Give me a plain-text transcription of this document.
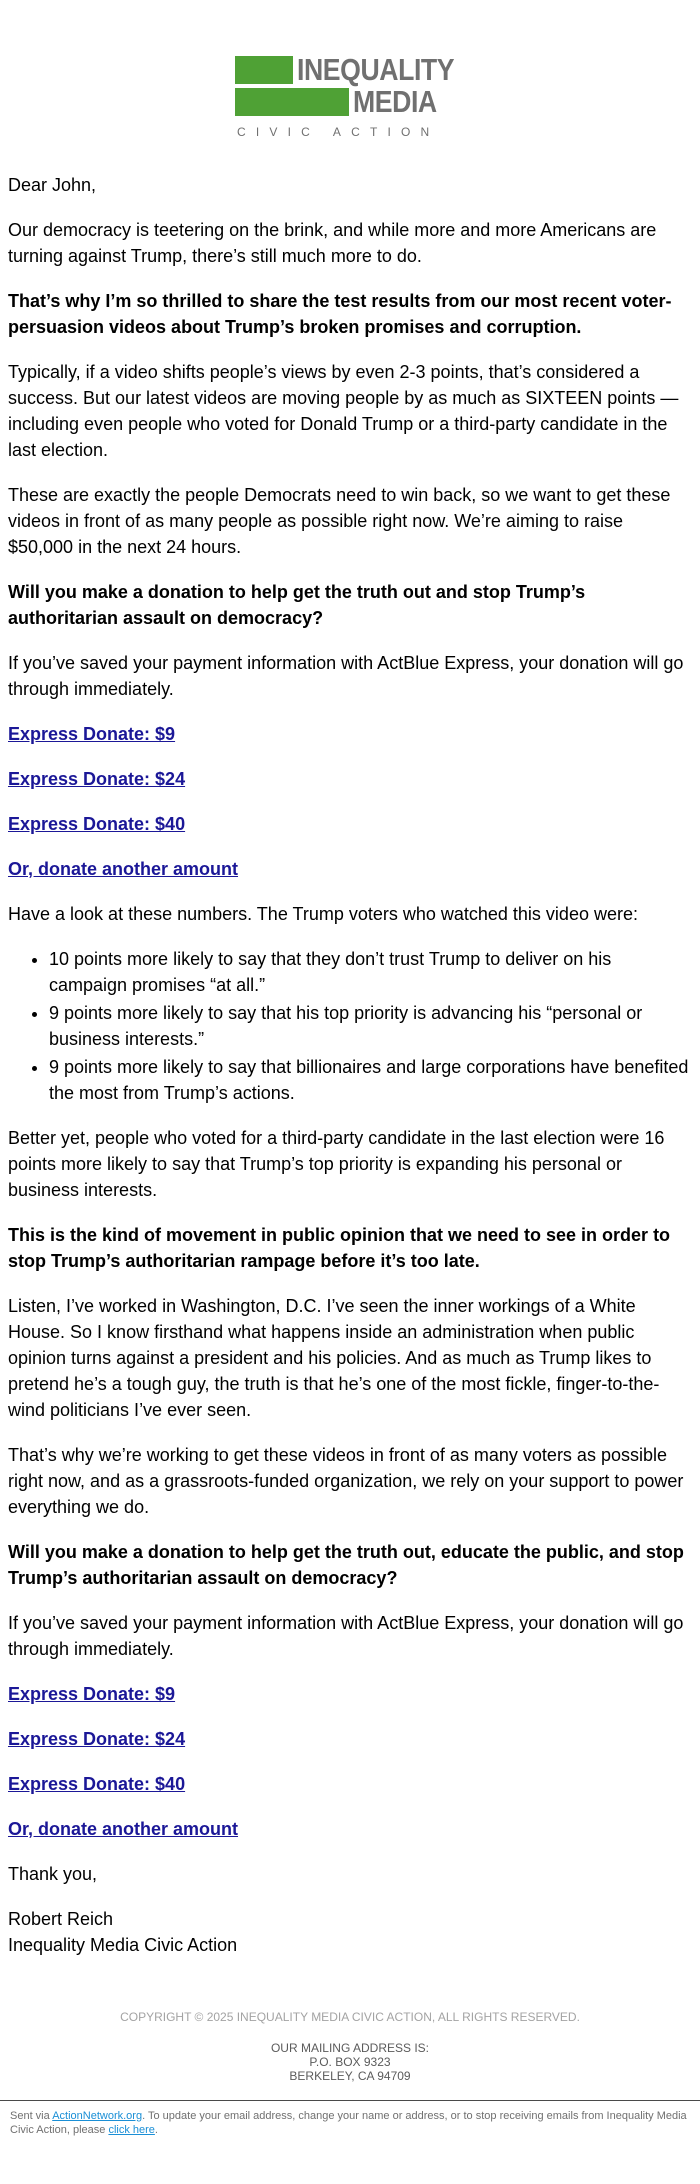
INEQUALITY
MEDIA
CIVIC ACTION

Dear John,

Our democracy is teetering on the brink, and while more and more Americans are turning against Trump, there’s still much more to do.

That’s why I’m so thrilled to share the test results from our most recent voter-persuasion videos about Trump’s broken promises and corruption.

Typically, if a video shifts people’s views by even 2-3 points, that’s considered a success. But our latest videos are moving people by as much as SIXTEEN points — including even people who voted for Donald Trump or a third-party candidate in the last election.

These are exactly the people Democrats need to win back, so we want to get these videos in front of as many people as possible right now. We’re aiming to raise $50,000 in the next 24 hours.

Will you make a donation to help get the truth out and stop Trump’s authoritarian assault on democracy?

If you’ve saved your payment information with ActBlue Express, your donation will go through immediately.

Express Donate: $9

Express Donate: $24

Express Donate: $40

Or, donate another amount

Have a look at these numbers. The Trump voters who watched this video were:

• 10 points more likely to say that they don’t trust Trump to deliver on his campaign promises “at all.”
• 9 points more likely to say that his top priority is advancing his “personal or business interests.”
• 9 points more likely to say that billionaires and large corporations have benefited the most from Trump’s actions.

Better yet, people who voted for a third-party candidate in the last election were 16 points more likely to say that Trump’s top priority is expanding his personal or business interests.

This is the kind of movement in public opinion that we need to see in order to stop Trump’s authoritarian rampage before it’s too late.

Listen, I’ve worked in Washington, D.C. I’ve seen the inner workings of a White House. So I know firsthand what happens inside an administration when public opinion turns against a president and his policies. And as much as Trump likes to pretend he’s a tough guy, the truth is that he’s one of the most fickle, finger-to-the-wind politicians I’ve ever seen.

That’s why we’re working to get these videos in front of as many voters as possible right now, and as a grassroots-funded organization, we rely on your support to power everything we do.

Will you make a donation to help get the truth out, educate the public, and stop Trump’s authoritarian assault on democracy?

If you’ve saved your payment information with ActBlue Express, your donation will go through immediately.

Express Donate: $9

Express Donate: $24

Express Donate: $40

Or, donate another amount

Thank you,

Robert Reich

Inequality Media Civic Action

COPYRIGHT © 2025 INEQUALITY MEDIA CIVIC ACTION, ALL RIGHTS RESERVED.
OUR MAILING ADDRESS IS:
P.O. BOX 9323
BERKELEY, CA 94709
Sent via ActionNetwork.org. To update your email address, change your name or address, or to stop receiving emails from Inequality Media Civic Action, please click here.
